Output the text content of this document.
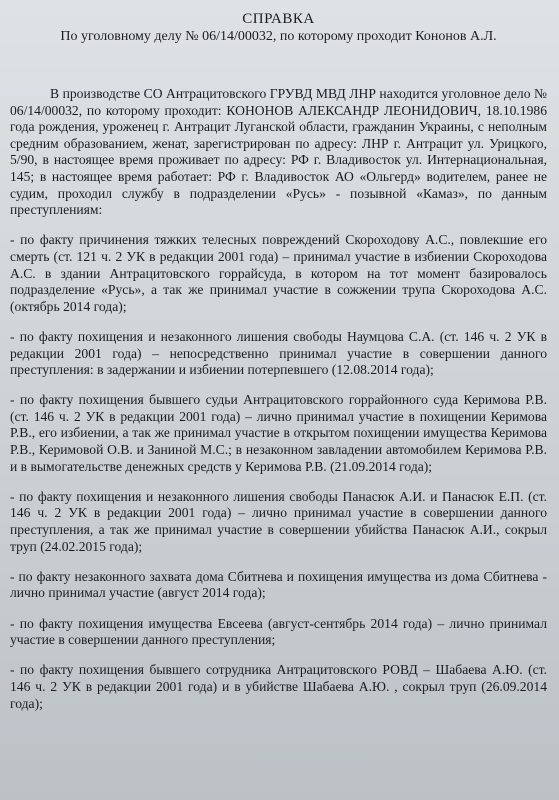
СПРАВКА
По уголовному делу № 06/14/00032, по которому проходит Кононов А.Л.

В производстве СО Антрацитовского ГРУВД МВД ЛНР находится уголовное дело № 06/14/00032, по которому проходит: КОНОНОВ АЛЕКСАНДР ЛЕОНИДОВИЧ, 18.10.1986 года рождения, уроженец г. Антрацит Луганской области, гражданин Украины, с неполным средним образованием, женат, зарегистрирован по адресу: ЛНР г. Антрацит ул. Урицкого, 5/90, в настоящее время проживает по адресу: РФ г. Владивосток ул. Интернациональная, 145; в настоящее время работает: РФ г. Владивосток АО «Ольгерд» водителем, ранее не судим, проходил службу в подразделении «Русь» - позывной «Камаз», по данным преступлениям:

- по факту причинения тяжких телесных повреждений Скороходову А.С., повлекшие его смерть (ст. 121 ч. 2 УК в редакции 2001 года) – принимал участие в избиении Скороходова А.С. в здании Антрацитовского горрайсуда, в котором на тот момент базировалось подразделение «Русь», а так же принимал участие в сожжении трупа Скороходова А.С. (октябрь 2014 года);

- по факту похищения и незаконного лишения свободы Наумцова С.А. (ст. 146 ч. 2 УК в редакции 2001 года) – непосредственно принимал участие в совершении данного преступления: в задержании и избиении потерпевшего (12.08.2014 года);

- по факту похищения бывшего судьи Антрацитовского горрайонного суда Керимова Р.В. (ст. 146 ч. 2 УК в редакции 2001 года) – лично принимал участие в похищении Керимова Р.В., его избиении, а так же принимал участие в открытом похищении имущества Керимова Р.В., Керимовой О.В. и Заниной М.С.; в незаконном завладении автомобилем Керимова Р.В. и в вымогательстве денежных средств у Керимова Р.В. (21.09.2014 года);

- по факту похищения и незаконного лишения свободы Панасюк А.И. и Панасюк Е.П. (ст. 146 ч. 2 УК в редакции 2001 года) – лично принимал участие в совершении данного преступления, а так же принимал участие в совершении убийства Панасюк А.И., сокрыл труп (24.02.2015 года);

- по факту незаконного захвата дома Сбитнева и похищения имущества из дома Сбитнева - лично принимал участие (август 2014 года);

- по факту похищения имущества Евсеева (август-сентябрь 2014 года) – лично принимал участие в совершении данного преступления;

- по факту похищения бывшего сотрудника Антрацитовского РОВД – Шабаева А.Ю. (ст. 146 ч. 2 УК в редакции 2001 года) и в убийстве Шабаева А.Ю. , сокрыл труп (26.09.2014 года);
